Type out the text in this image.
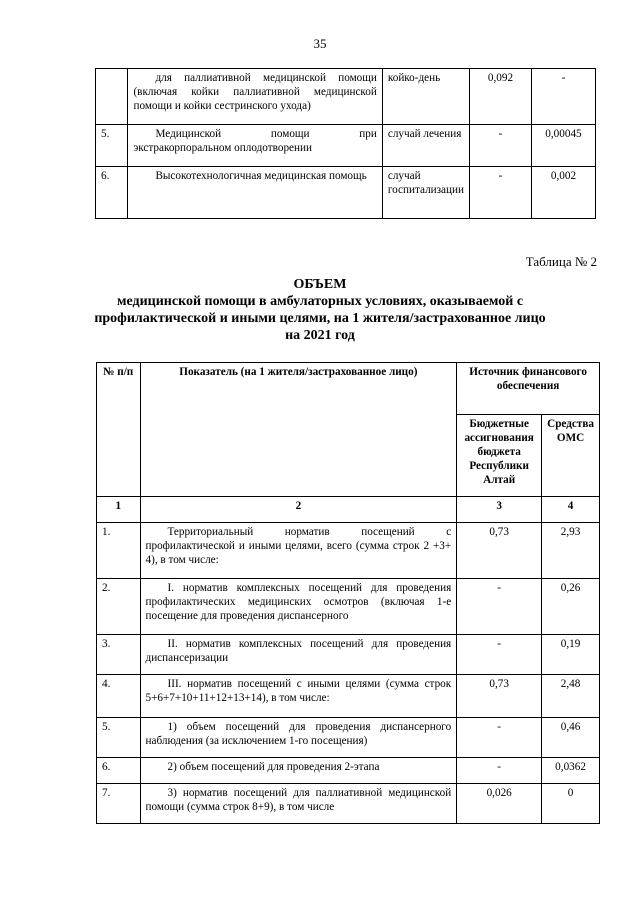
35
	для паллиативной медицинской помощи (включая койки паллиативной медицинской помощи и койки сестринского ухода)	койко-день	0,092	-
5.	Медицинской помощи при экстракорпоральном оплодотворении	случай лечения	-	0,00045
6.	Высокотехнологичная медицинская помощь	случай госпитализации	-	0,002
Таблица № 2
ОБЪЕМ
медицинской помощи в амбулаторных условиях, оказываемой с
профилактической и иными целями, на 1 жителя/застрахованное лицо
на 2021 год
№ п/п	Показатель (на 1 жителя/застрахованное лицо)	Источник финансового обеспечения	
		Бюджетные ассигнования бюджета Республики Алтай	Средства ОМС
1	2	3	4
1.	Территориальный норматив посещений с профилактической и иными целями, всего (сумма строк 2 +3+ 4), в том числе:	0,73	2,93
2.	I. норматив комплексных посещений для проведения профилактических медицинских осмотров (включая 1-е посещение для проведения диспансерного	-	0,26
3.	II. норматив комплексных посещений для проведения диспансеризации	-	0,19
4.	III. норматив посещений с иными целями (сумма строк 5+6+7+10+11+12+13+14), в том числе:	0,73	2,48
5.	1) объем посещений для проведения диспансерного наблюдения (за исключением 1-го посещения)	-	0,46
6.	2) объем посещений для проведения 2-этапа	-	0,0362
7.	3) норматив посещений для паллиативной медицинской помощи (сумма строк 8+9), в том числе	0,026	0
